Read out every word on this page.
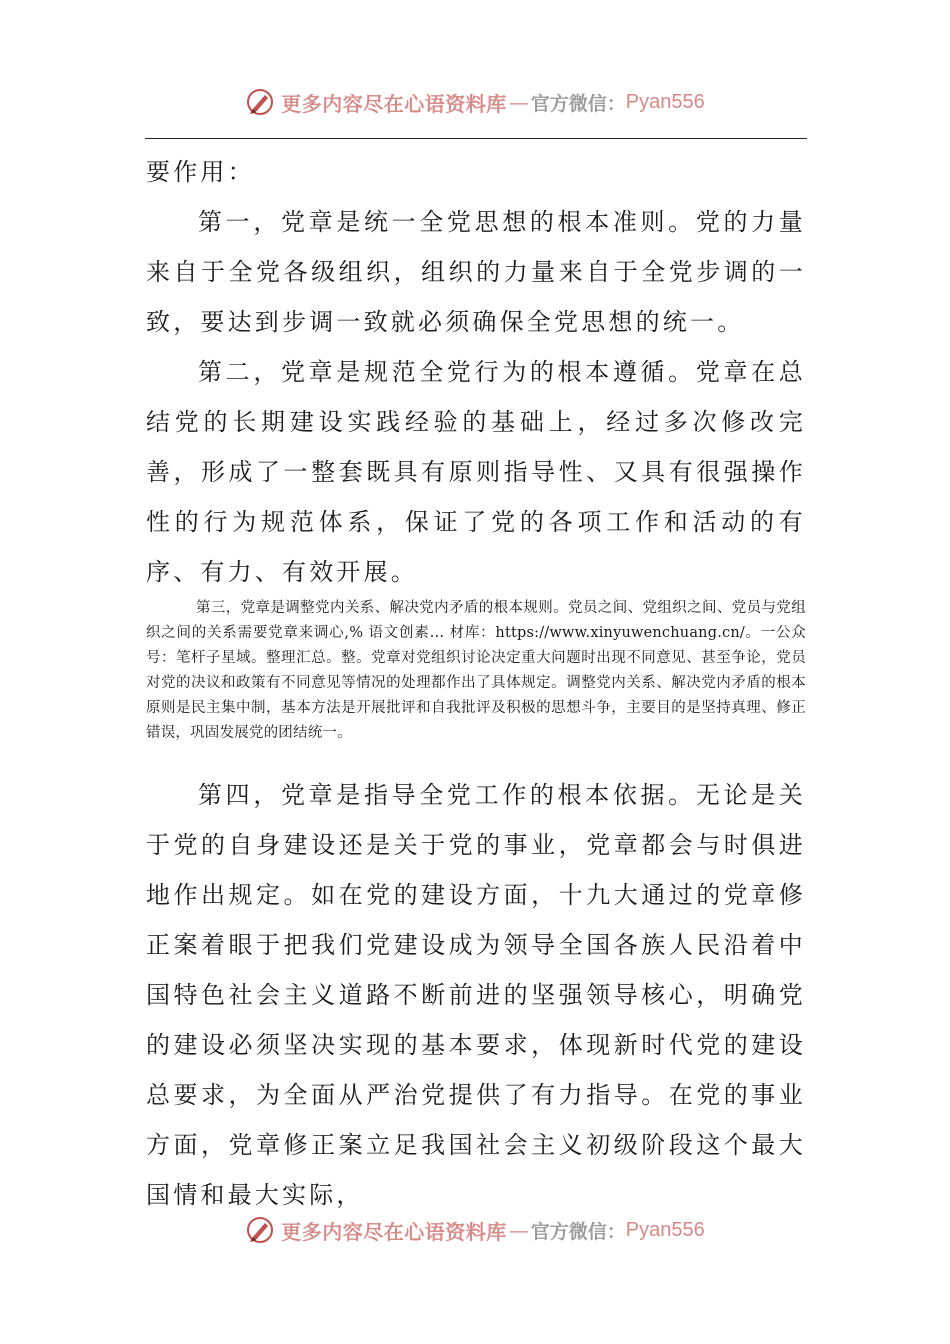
更多内容尽在心语资料库 — 官方微信： Pyan556

要作用：

第一，党章是统一全党思想的根本准则。党的力量来自于全党各级组织，组织的力量来自于全党步调的一致，要达到步调一致就必须确保全党思想的统一。

第二，党章是规范全党行为的根本遵循。党章在总结党的长期建设实践经验的基础上，经过多次修改完善，形成了一整套既具有原则指导性、又具有很强操作性的行为规范体系，保证了党的各项工作和活动的有序、有力、有效开展。

第三，党章是调整党内关系、解决党内矛盾的根本规则。党员之间、党组织之间、党员与党组织之间的关系需要党章来调心,% 语文创素… 材库：https://www.xinyuwenchuang.cn/。一公众号：笔杆子星域。整理汇总。整。党章对党组织讨论决定重大问题时出现不同意见、甚至争论，党员对党的决议和政策有不同意见等情况的处理都作出了具体规定。调整党内关系、解决党内矛盾的根本原则是民主集中制，基本方法是开展批评和自我批评及积极的思想斗争，主要目的是坚持真理、修正错误，巩固发展党的团结统一。

第四，党章是指导全党工作的根本依据。无论是关于党的自身建设还是关于党的事业，党章都会与时俱进地作出规定。如在党的建设方面，十九大通过的党章修正案着眼于把我们党建设成为领导全国各族人民沿着中国特色社会主义道路不断前进的坚强领导核心，明确党的建设必须坚决实现的基本要求，体现新时代党的建设总要求，为全面从严治党提供了有力指导。在党的事业方面，党章修正案立足我国社会主义初级阶段这个最大国情和最大实际，

更多内容尽在心语资料库 — 官方微信： Pyan556
